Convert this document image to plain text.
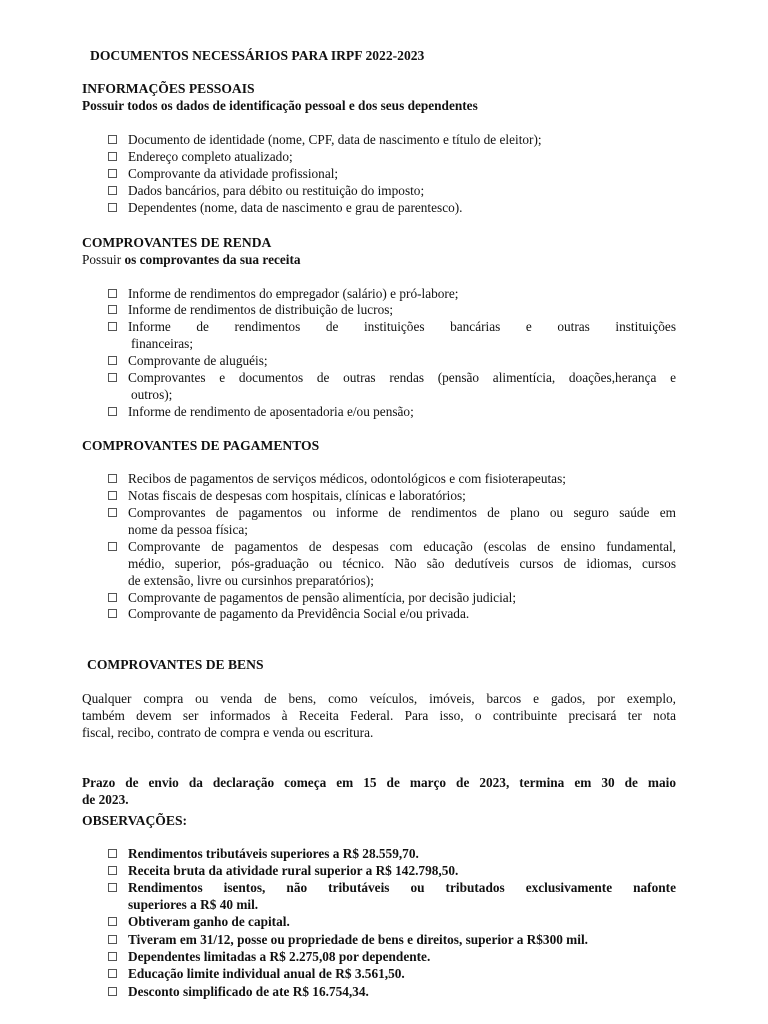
DOCUMENTOS NECESSÁRIOS PARA IRPF 2022-2023
INFORMAÇÕES PESSOAIS
Possuir todos os dados de identificação pessoal e dos seus dependentes
Documento de identidade (nome, CPF, data de nascimento e título de eleitor);
Endereço completo atualizado;
Comprovante da atividade profissional;
Dados bancários, para débito ou restituição do imposto;
Dependentes (nome, data de nascimento e grau de parentesco).
COMPROVANTES DE RENDA
Possuir os comprovantes da sua receita
Informe de rendimentos do empregador (salário) e pró-labore;
Informe de rendimentos de distribuição de lucros;
Informe de rendimentos de instituições bancárias e outras instituições
financeiras;
Comprovante de aluguéis;
Comprovantes e documentos de outras rendas (pensão alimentícia, doações,herança e
outros);
Informe de rendimento de aposentadoria e/ou pensão;
COMPROVANTES DE PAGAMENTOS
Recibos de pagamentos de serviços médicos, odontológicos e com fisioterapeutas;
Notas fiscais de despesas com hospitais, clínicas e laboratórios;
Comprovantes de pagamentos ou informe de rendimentos de plano ou seguro saúde em
nome da pessoa física;
Comprovante de pagamentos de despesas com educação (escolas de ensino fundamental,
médio, superior, pós-graduação ou técnico. Não são dedutíveis cursos de idiomas, cursos
de extensão, livre ou cursinhos preparatórios);
Comprovante de pagamentos de pensão alimentícia, por decisão judicial;
Comprovante de pagamento da Previdência Social e/ou privada.
COMPROVANTES DE BENS
Qualquer compra ou venda de bens, como veículos, imóveis, barcos e gados, por exemplo,
também devem ser informados à Receita Federal. Para isso, o contribuinte precisará ter nota
fiscal, recibo, contrato de compra e venda ou escritura.
Prazo de envio da declaração começa em 15 de março de 2023, termina em 30 de maio
de 2023.
OBSERVAÇÕES:
Rendimentos tributáveis superiores a R$ 28.559,70.
Receita bruta da atividade rural superior a R$ 142.798,50.
Rendimentos isentos, não tributáveis ou tributados exclusivamente nafonte
superiores a R$ 40 mil.
Obtiveram ganho de capital.
Tiveram em 31/12, posse ou propriedade de bens e direitos, superior a R$300 mil.
Dependentes limitadas a R$ 2.275,08 por dependente.
Educação limite individual anual de R$ 3.561,50.
Desconto simplificado de ate R$ 16.754,34.
